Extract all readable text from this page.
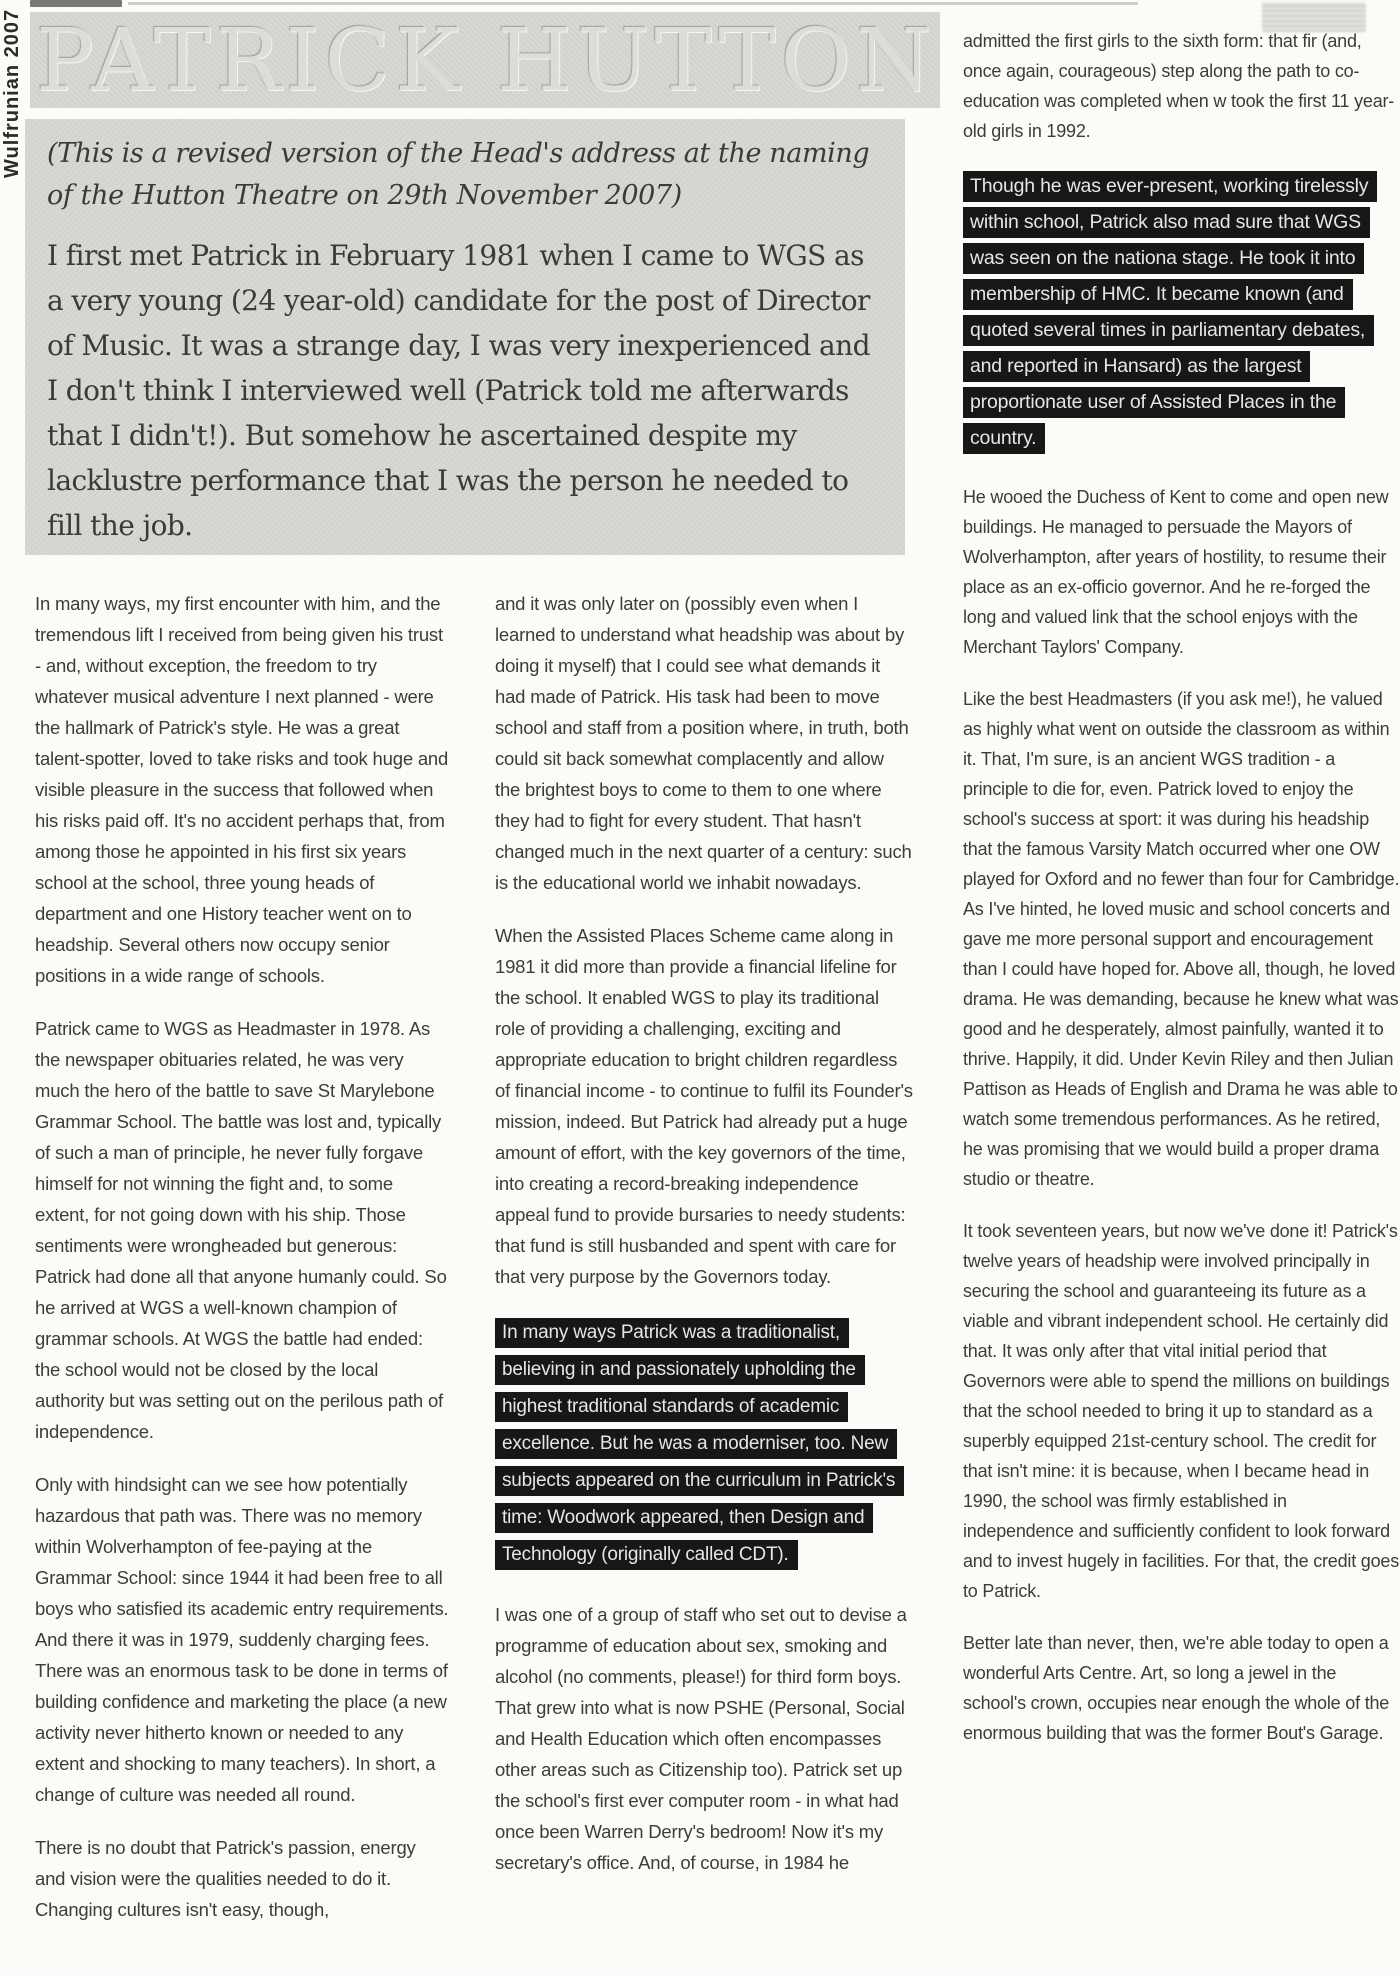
Wulfrunian 2007 PATRICK HUTTON

(This is a revised version of the Head's address at the naming of the Hutton Theatre on 29th November 2007)

I first met Patrick in February 1981 when I came to WGS as a very young (24 year-old) candidate for the post of Director of Music. It was a strange day, I was very inexperienced and I don't think I interviewed well (Patrick told me afterwards that I didn't!). But somehow he ascertained despite my lacklustre performance that I was the person he needed to fill the job.

In many ways, my first encounter with him, and the tremendous lift I received from being given his trust - and, without exception, the freedom to try whatever musical adventure I next planned - were the hallmark of Patrick's style. He was a great talent-spotter, loved to take risks and took huge and visible pleasure in the success that followed when his risks paid off. It's no accident perhaps that, from among those he appointed in his first six years school at the school, three young heads of department and one History teacher went on to headship. Several others now occupy senior positions in a wide range of schools.

Patrick came to WGS as Headmaster in 1978. As the newspaper obituaries related, he was very much the hero of the battle to save St Marylebone Grammar School. The battle was lost and, typically of such a man of principle, he never fully forgave himself for not winning the fight and, to some extent, for not going down with his ship. Those sentiments were wrongheaded but generous: Patrick had done all that anyone humanly could. So he arrived at WGS a well-known champion of grammar schools. At WGS the battle had ended: the school would not be closed by the local authority but was setting out on the perilous path of independence.

Only with hindsight can we see how potentially hazardous that path was. There was no memory within Wolverhampton of fee-paying at the Grammar School: since 1944 it had been free to all boys who satisfied its academic entry requirements. And there it was in 1979, suddenly charging fees. There was an enormous task to be done in terms of building confidence and marketing the place (a new activity never hitherto known or needed to any extent and shocking to many teachers). In short, a change of culture was needed all round.

There is no doubt that Patrick's passion, energy and vision were the qualities needed to do it. Changing cultures isn't easy, though,

and it was only later on (possibly even when I learned to understand what headship was about by doing it myself) that I could see what demands it had made of Patrick. His task had been to move school and staff from a position where, in truth, both could sit back somewhat complacently and allow the brightest boys to come to them to one where they had to fight for every student. That hasn't changed much in the next quarter of a century: such is the educational world we inhabit nowadays.

When the Assisted Places Scheme came along in 1981 it did more than provide a financial lifeline for the school. It enabled WGS to play its traditional role of providing a challenging, exciting and appropriate education to bright children regardless of financial income - to continue to fulfil its Founder's mission, indeed. But Patrick had already put a huge amount of effort, with the key governors of the time, into creating a record-breaking independence appeal fund to provide bursaries to needy students: that fund is still husbanded and spent with care for that very purpose by the Governors today.

In many ways Patrick was a traditionalist, believing in and passionately upholding the highest traditional standards of academic excellence. But he was a moderniser, too. New subjects appeared on the curriculum in Patrick's time: Woodwork appeared, then Design and Technology (originally called CDT).

I was one of a group of staff who set out to devise a programme of education about sex, smoking and alcohol (no comments, please!) for third form boys. That grew into what is now PSHE (Personal, Social and Health Education which often encompasses other areas such as Citizenship too). Patrick set up the school's first ever computer room - in what had once been Warren Derry's bedroom! Now it's my secretary's office. And, of course, in 1984 he

admitted the first girls to the sixth form: that fir (and, once again, courageous) step along the path to co-education was completed when w took the first 11 year-old girls in 1992.

Though he was ever-present, working tirelessly within school, Patrick also mad sure that WGS was seen on the nationa stage. He took it into membership of HMC. It became known (and quoted several times in parliamentary debates, and reported in Hansard) as the largest proportionate user of Assisted Places in the country.

He wooed the Duchess of Kent to come and open new buildings. He managed to persuade the Mayors of Wolverhampton, after years of hostility, to resume their place as an ex-officio governor. And he re-forged the long and valued link that the school enjoys with the Merchant Taylors' Company.

Like the best Headmasters (if you ask me!), he valued as highly what went on outside the classroom as within it. That, I'm sure, is an ancient WGS tradition - a principle to die for, even. Patrick loved to enjoy the school's success at sport: it was during his headship that the famous Varsity Match occurred wher one OW played for Oxford and no fewer than four for Cambridge. As I've hinted, he loved music and school concerts and gave me more personal support and encouragement than I could have hoped for. Above all, though, he loved drama. He was demanding, because he knew what was good and he desperately, almost painfully, wanted it to thrive. Happily, it did. Under Kevin Riley and then Julian Pattison as Heads of English and Drama he was able to watch some tremendous performances. As he retired, he was promising that we would build a proper drama studio or theatre.

It took seventeen years, but now we've done it! Patrick's twelve years of headship were involved principally in securing the school and guaranteeing its future as a viable and vibrant independent school. He certainly did that. It was only after that vital initial period that Governors were able to spend the millions on buildings that the school needed to bring it up to standard as a superbly equipped 21st-century school. The credit for that isn't mine: it is because, when I became head in 1990, the school was firmly established in independence and sufficiently confident to look forward and to invest hugely in facilities. For that, the credit goes to Patrick.

Better late than never, then, we're able today to open a wonderful Arts Centre. Art, so long a jewel in the school's crown, occupies near enough the whole of the enormous building that was the former Bout's Garage.
